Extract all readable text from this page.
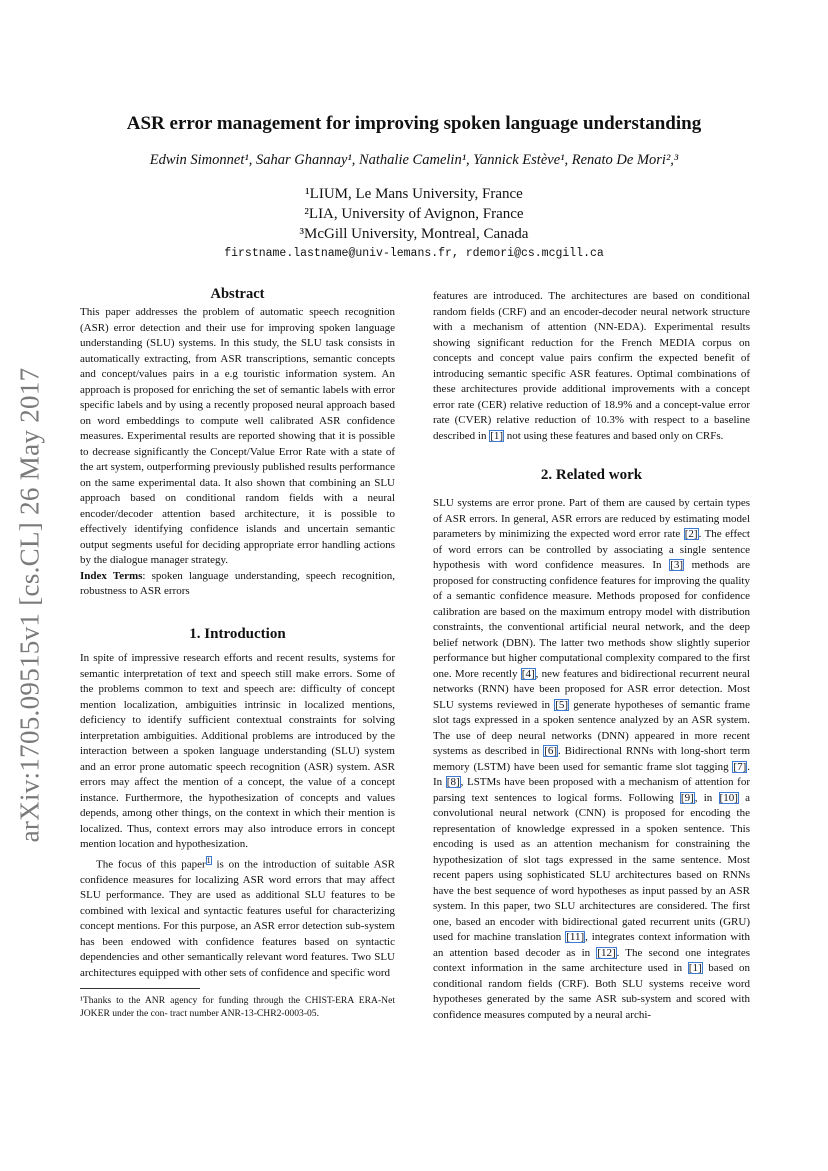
arXiv:1705.09515v1 [cs.CL] 26 May 2017
ASR error management for improving spoken language understanding
Edwin Simonnet¹, Sahar Ghannay¹, Nathalie Camelin¹, Yannick Estève¹, Renato De Mori²,³
¹LIUM, Le Mans University, France
²LIA, University of Avignon, France
³McGill University, Montreal, Canada
firstname.lastname@univ-lemans.fr, rdemori@cs.mcgill.ca
Abstract

This paper addresses the problem of automatic speech recognition (ASR) error detection and their use for improving spoken language understanding (SLU) systems. In this study, the SLU task consists in automatically extracting, from ASR transcriptions, semantic concepts and concept/values pairs in a e.g touristic information system. An approach is proposed for enriching the set of semantic labels with error specific labels and by using a recently proposed neural approach based on word embeddings to compute well calibrated ASR confidence measures. Experimental results are reported showing that it is possible to decrease significantly the Concept/Value Error Rate with a state of the art system, outperforming previously published results performance on the same experimental data. It also shown that combining an SLU approach based on conditional random fields with a neural encoder/decoder attention based architecture, it is possible to effectively identifying confidence islands and uncertain semantic output segments useful for deciding appropriate error handling actions by the dialogue manager strategy.

Index Terms: spoken language understanding, speech recognition, robustness to ASR errors

1. Introduction

In spite of impressive research efforts and recent results, systems for semantic interpretation of text and speech still make errors. Some of the problems common to text and speech are: difficulty of concept mention localization, ambiguities intrinsic in localized mentions, deficiency to identify sufficient contextual constraints for solving interpretation ambiguities. Additional problems are introduced by the interaction between a spoken language understanding (SLU) system and an error prone automatic speech recognition (ASR) system. ASR errors may affect the mention of a concept, the value of a concept instance. Furthermore, the hypothesization of concepts and values depends, among other things, on the context in which their mention is localized. Thus, context errors may also introduce errors in concept mention location and hypothesization.

The focus of this paper$^1$ is on the introduction of suitable ASR confidence measures for localizing ASR word errors that may affect SLU performance. They are used as additional SLU features to be combined with lexical and syntactic features useful for characterizing concept mentions. For this purpose, an ASR error detection sub-system has been endowed with confidence features based on syntactic dependencies and other semantically relevant word features. Two SLU architectures equipped with other sets of confidence and specific word

¹Thanks to the ANR agency for funding through the CHIST-ERA ERA-Net JOKER under the con- tract number ANR-13-CHR2-0003-05.

features are introduced. The architectures are based on conditional random fields (CRF) and an encoder-decoder neural network structure with a mechanism of attention (NN-EDA). Experimental results showing significant reduction for the French MEDIA corpus on concepts and concept value pairs confirm the expected benefit of introducing semantic specific ASR features. Optimal combinations of these architectures provide additional improvements with a concept error rate (CER) relative reduction of 18.9% and a concept-value error rate (CVER) relative reduction of 10.3% with respect to a baseline described in [1] not using these features and based only on CRFs.

2. Related work

SLU systems are error prone. Part of them are caused by certain types of ASR errors. In general, ASR errors are reduced by estimating model parameters by minimizing the expected word error rate [2]. The effect of word errors can be controlled by associating a single sentence hypothesis with word confidence measures. In [3] methods are proposed for constructing confidence features for improving the quality of a semantic confidence measure. Methods proposed for confidence calibration are based on the maximum entropy model with distribution constraints, the conventional artificial neural network, and the deep belief network (DBN). The latter two methods show slightly superior performance but higher computational complexity compared to the first one. More recently [4], new features and bidirectional recurrent neural networks (RNN) have been proposed for ASR error detection. Most SLU systems reviewed in [5] generate hypotheses of semantic frame slot tags expressed in a spoken sentence analyzed by an ASR system. The use of deep neural networks (DNN) appeared in more recent systems as described in [6]. Bidirectional RNNs with long-short term memory (LSTM) have been used for semantic frame slot tagging [7]. In [8], LSTMs have been proposed with a mechanism of attention for parsing text sentences to logical forms. Following [9], in [10] a convolutional neural network (CNN) is proposed for encoding the representation of knowledge expressed in a spoken sentence. This encoding is used as an attention mechanism for constraining the hypothesization of slot tags expressed in the same sentence. Most recent papers using sophisticated SLU architectures based on RNNs have the best sequence of word hypotheses as input passed by an ASR system. In this paper, two SLU architectures are considered. The first one, based an encoder with bidirectional gated recurrent units (GRU) used for machine translation [11], integrates context information with an attention based decoder as in [12]. The second one integrates context information in the same architecture used in [1] based on conditional random fields (CRF). Both SLU systems receive word hypotheses generated by the same ASR sub-system and scored with confidence measures computed by a neural archi-
